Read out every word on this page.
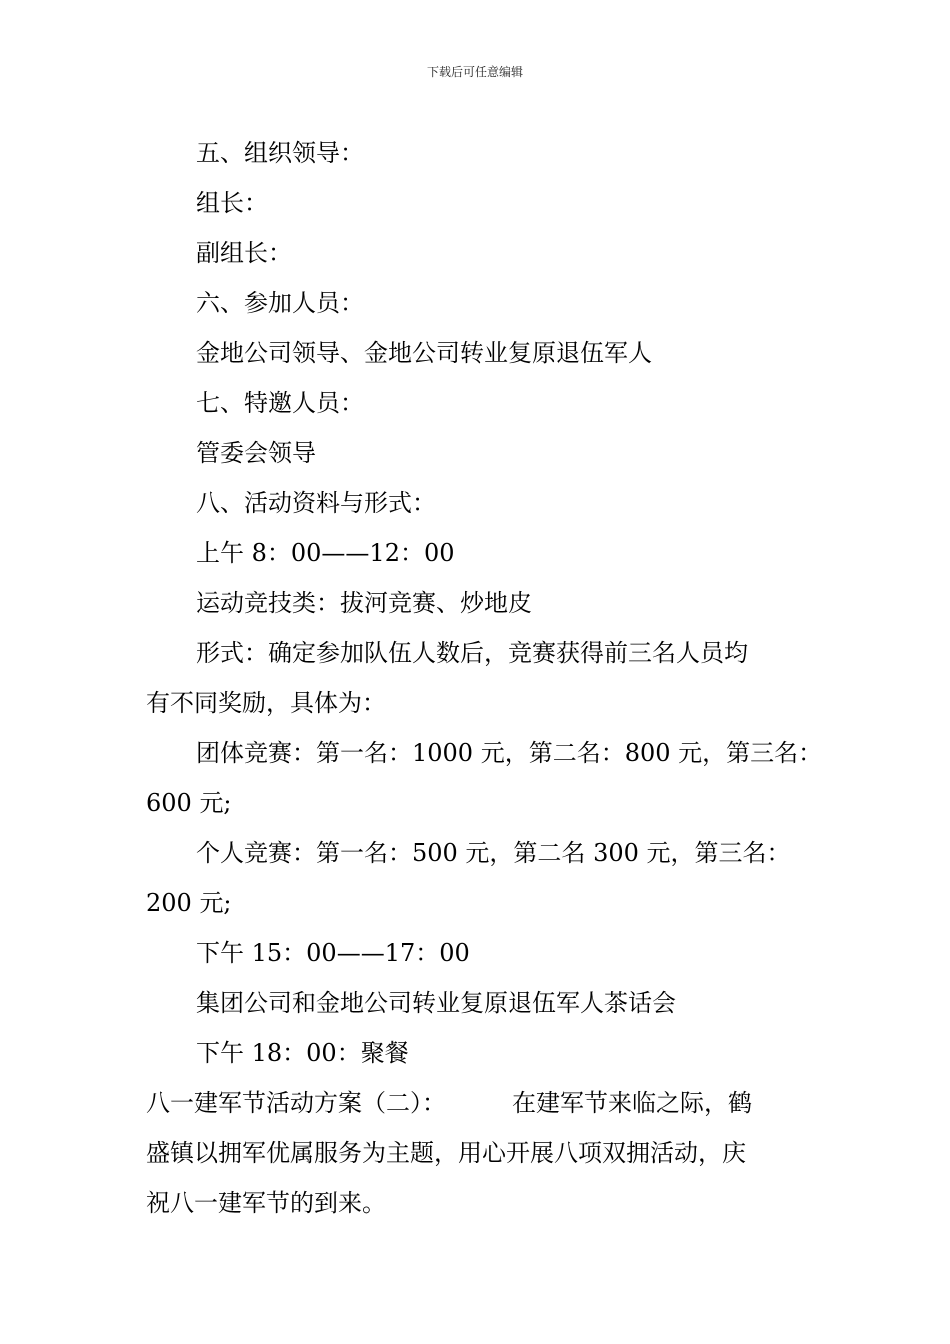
下载后可任意编辑
五、组织领导：
组长：
副组长：
六、参加人员：
金地公司领导、金地公司转业复原退伍军人
七、特邀人员：
管委会领导
八、活动资料与形式：
上午 8：00——12：00
运动竞技类：拔河竞赛、炒地皮
形式：确定参加队伍人数后，竞赛获得前三名人员均
有不同奖励，具体为：
团体竞赛：第一名：1000 元，第二名：800 元，第三名：
600 元;
个人竞赛：第一名：500 元，第二名 300 元，第三名：
200 元;
下午 15：00——17：00
集团公司和金地公司转业复原退伍军人茶话会
下午 18：00：聚餐
八一建军节活动方案（二）：	在建军节来临之际，鹤
盛镇以拥军优属服务为主题，用心开展八项双拥活动，庆
祝八一建军节的到来。
